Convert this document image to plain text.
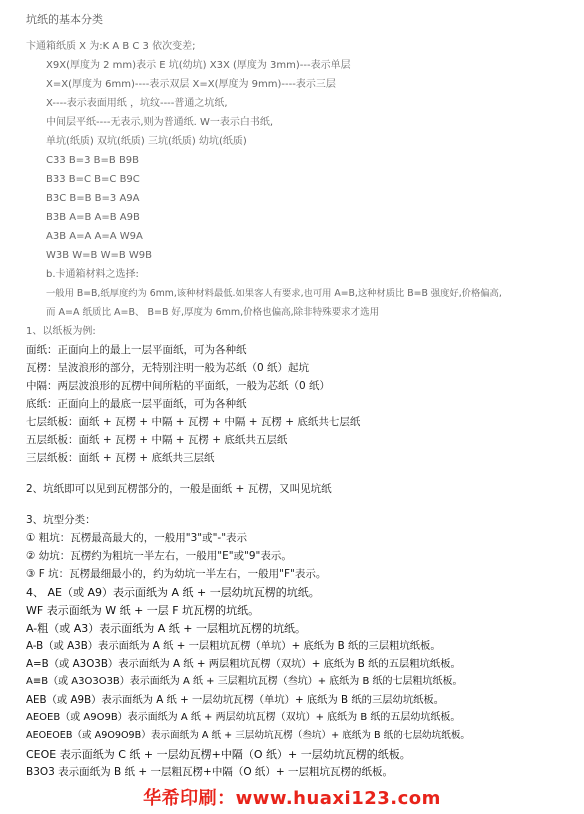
坑纸的基本分类
卞通箱纸质 X 为:K A B C 3 依次变差;
X9X(厚度为 2 mm)表示 E 坑(幼坑) X3X (厚度为 3mm)---表示单层
X=X(厚度为 6mm)----表示双层 X=X(厚度为 9mm)----表示三层
X----表示表面用纸 ，坑纹----普通之坑纸,
中间层平纸----无表示,则为普通纸. W一表示白书纸,
单坑(纸质) 双坑(纸质) 三坑(纸质) 幼坑(纸质)
C33 B=3 B=B B9B
B33 B=C B=C B9C
B3C B=B B=3 A9A
B3B A=B A=B A9B
A3B A=A A=A W9A
W3B W=B W=B W9B
b.卡通箱材料之选择:
一般用 B=B,纸厚度约为 6mm,该种材料最低.如果客人有要求,也可用 A=B,这种材质比 B=B 强度好,价格偏高,
而 A=A 纸质比 A=B、 B=B 好,厚度为 6mm,价格也偏高,除非特殊要求才选用
1、以纸板为例:
面纸：正面向上的最上一层平面纸，可为各种纸
瓦楞：呈波浪形的部分，无特别注明一般为芯纸（0 纸）起坑
中隔：两层波浪形的瓦楞中间所粘的平面纸，一般为芯纸（0 纸）
底纸：正面向上的最底一层平面纸，可为各种纸
七层纸板：面纸 + 瓦楞 + 中隔 + 瓦楞 + 中隔 + 瓦楞 + 底纸共七层纸
五层纸板：面纸 + 瓦楞 + 中隔 + 瓦楞 + 底纸共五层纸
三层纸板：面纸 + 瓦楞 + 底纸共三层纸
2、坑纸即可以见到瓦楞部分的，一般是面纸 + 瓦楞，又叫见坑纸
3、坑型分类：
① 粗坑：瓦楞最高最大的，一般用"3"或"-"表示
② 幼坑：瓦楞约为粗坑一半左右，一般用"E"或"9"表示。
③ F 坑：瓦楞最细最小的，约为幼坑一半左右，一般用"F"表示。
4、 AE（或 A9）表示面纸为 A 纸 + 一层幼坑瓦楞的坑纸。
WF 表示面纸为 W 纸 + 一层 F 坑瓦楞的坑纸。
A-粗（或 A3）表示面纸为 A 纸 + 一层粗坑瓦楞的坑纸。
A-B（或 A3B）表示面纸为 A 纸 + 一层粗坑瓦楞（单坑）+ 底纸为 B 纸的三层粗坑纸板。
A=B（或 A3O3B）表示面纸为 A 纸 + 两层粗坑瓦楞（双坑）+ 底纸为 B 纸的五层粗坑纸板。
A≡B（或 A3O3O3B）表示面纸为 A 纸 + 三层粗坑瓦楞（叁坑）+ 底纸为 B 纸的七层粗坑纸板。
AEB（或 A9B）表示面纸为 A 纸 + 一层幼坑瓦楞（单坑）+ 底纸为 B 纸的三层幼坑纸板。
AEOEB（或 A9O9B）表示面纸为 A 纸 + 两层幼坑瓦楞（双坑）+ 底纸为 B 纸的五层幼坑纸板。
AEOEOEB（或 A9O9O9B）表示面纸为 A 纸 + 三层幼坑瓦楞（叁坑）+ 底纸为 B 纸的七层幼坑纸板。
CEOE 表示面纸为 C 纸 + 一层幼瓦楞+中隔（O 纸）+ 一层幼坑瓦楞的纸板。
B3O3 表示面纸为 B 纸 + 一层粗瓦楞+中隔（O 纸）+ 一层粗坑瓦楞的纸板。
华希印刷：www.huaxi123.com
